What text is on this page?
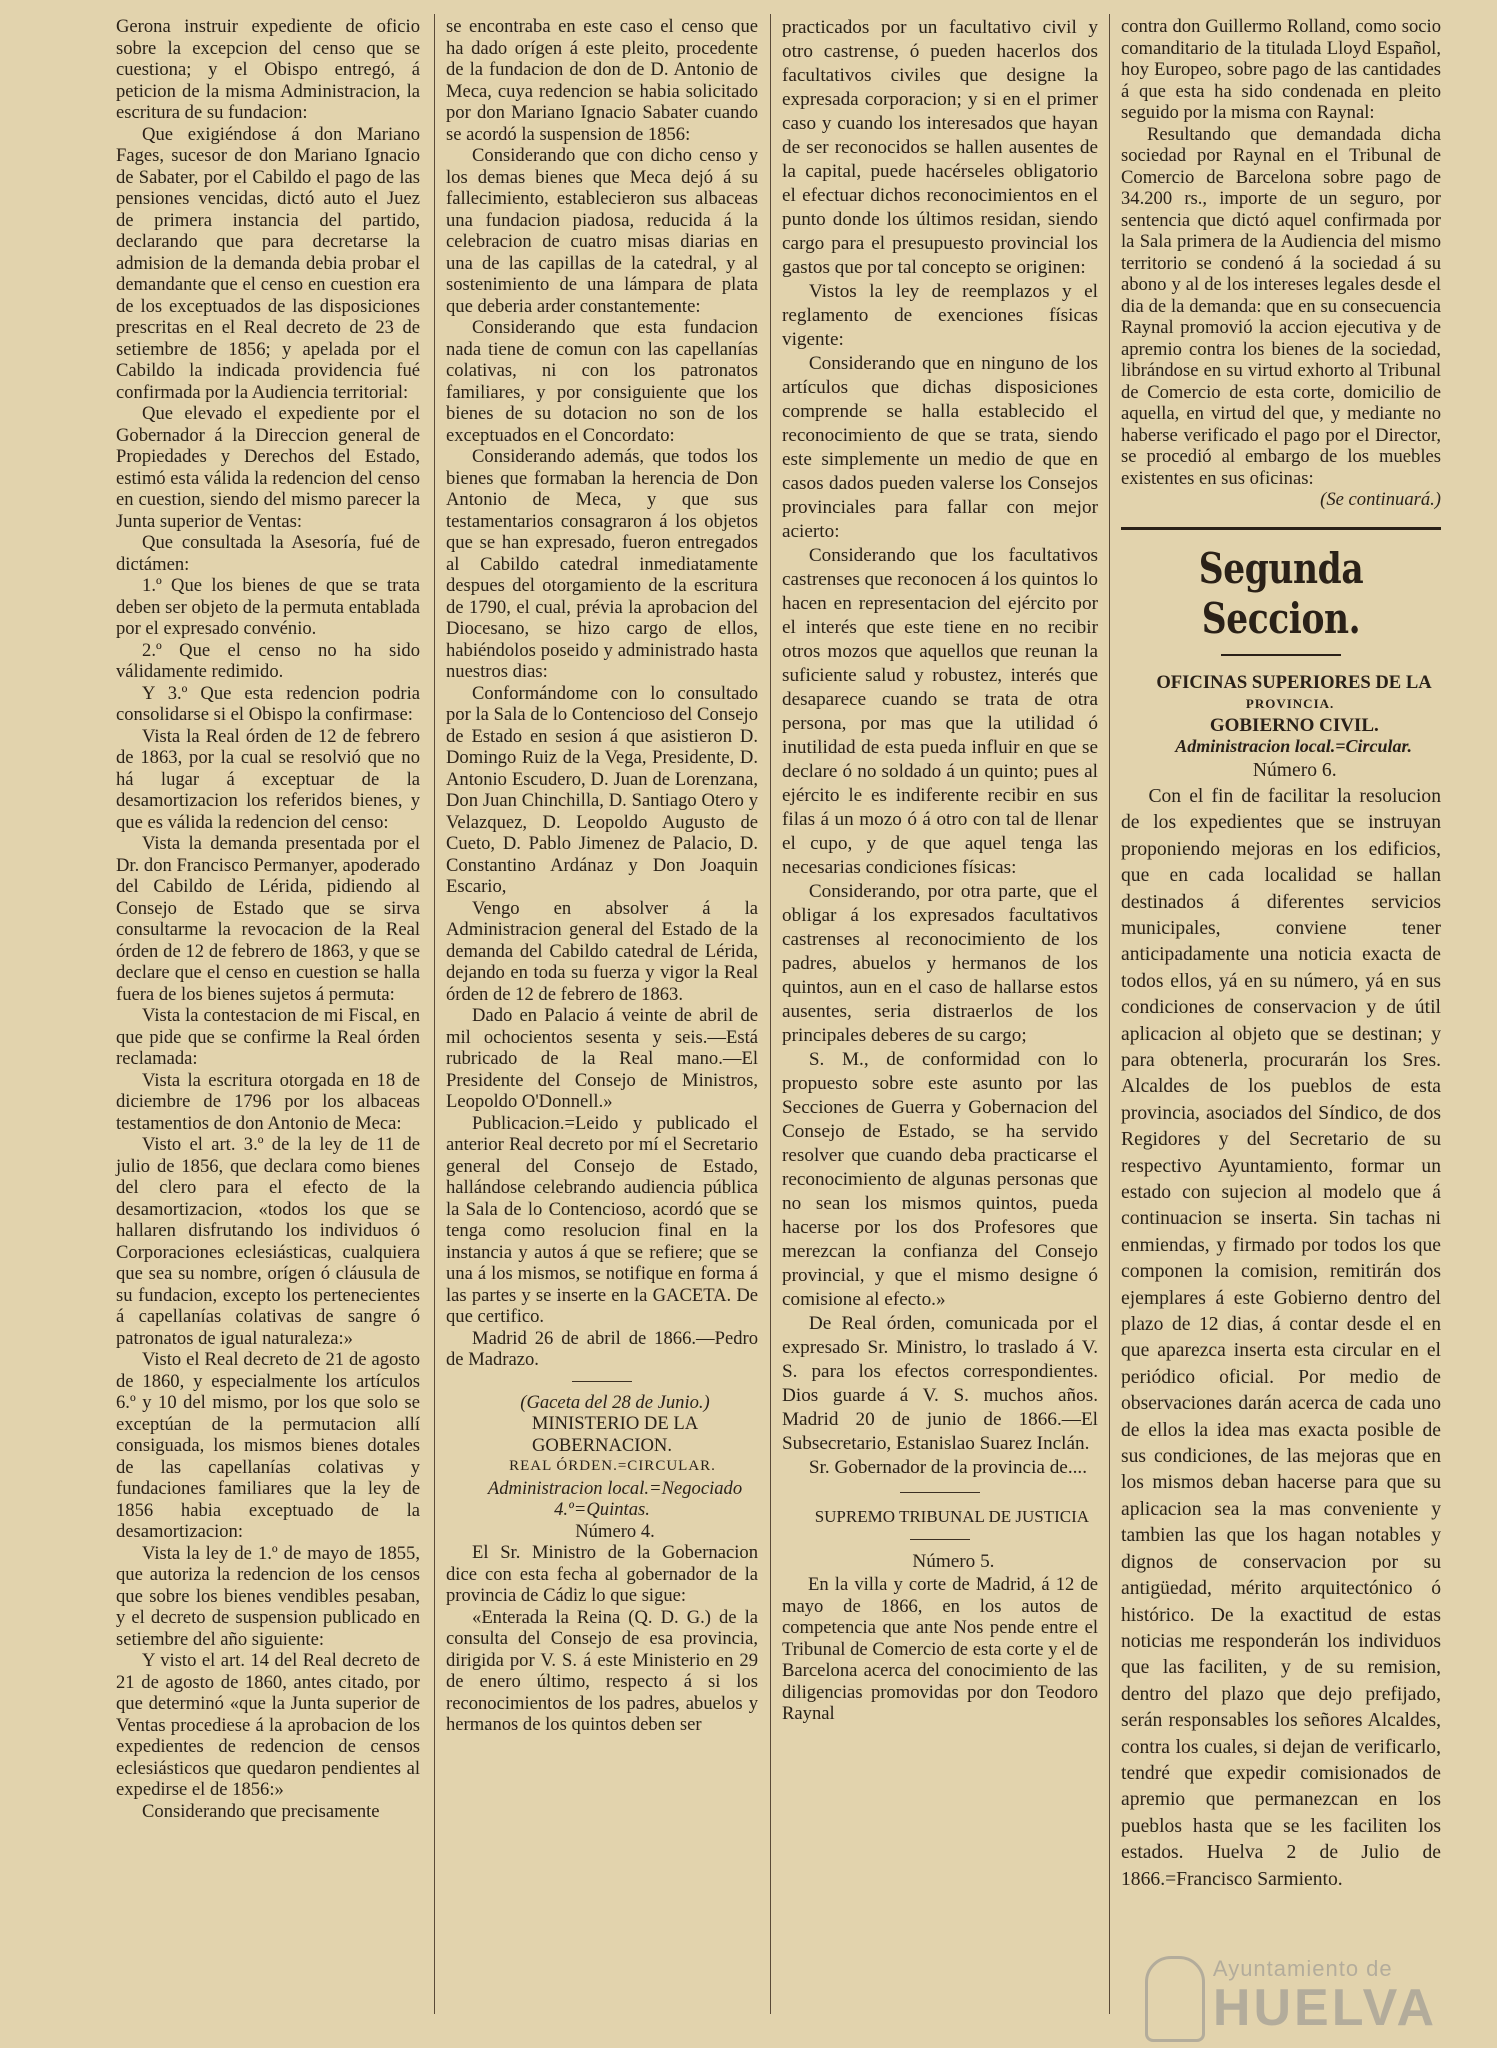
Gerona instruir expediente de oficio sobre la excepcion del censo que se cuestiona; y el Obispo entregó, á peticion de la misma Administracion, la escritura de su fundacion:

Que exigiéndose á don Mariano Fages, sucesor de don Mariano Ignacio de Sabater, por el Cabildo el pago de las pensiones vencidas, dictó auto el Juez de primera instancia del partido, declarando que para decretarse la admision de la demanda debia probar el demandante que el censo en cuestion era de los exceptuados de las disposiciones prescritas en el Real decreto de 23 de setiembre de 1856; y apelada por el Cabildo la indicada providencia fué confirmada por la Audiencia territorial:

Que elevado el expediente por el Gobernador á la Direccion general de Propiedades y Derechos del Estado, estimó esta válida la redencion del censo en cuestion, siendo del mismo parecer la Junta superior de Ventas:

Que consultada la Asesoría, fué de dictámen:

1.º Que los bienes de que se trata deben ser objeto de la permuta entablada por el expresado convénio.

2.º Que el censo no ha sido válidamente redimido.

Y 3.º Que esta redencion podria consolidarse si el Obispo la confirmase:

Vista la Real órden de 12 de febrero de 1863, por la cual se resolvió que no há lugar á exceptuar de la desamortizacion los referidos bienes, y que es válida la redencion del censo:

Vista la demanda presentada por el Dr. don Francisco Permanyer, apoderado del Cabildo de Lérida, pidiendo al Consejo de Estado que se sirva consultarme la revocacion de la Real órden de 12 de febrero de 1863, y que se declare que el censo en cuestion se halla fuera de los bienes sujetos á permuta:

Vista la contestacion de mi Fiscal, en que pide que se confirme la Real órden reclamada:

Vista la escritura otorgada en 18 de diciembre de 1796 por los albaceas testamentios de don Antonio de Meca:

Visto el art. 3.º de la ley de 11 de julio de 1856, que declara como bienes del clero para el efecto de la desamortizacion, «todos los que se hallaren disfrutando los individuos ó Corporaciones eclesiásticas, cualquiera que sea su nombre, orígen ó cláusula de su fundacion, excepto los pertenecientes á capellanías colativas de sangre ó patronatos de igual naturaleza:»

Visto el Real decreto de 21 de agosto de 1860, y especialmente los artículos 6.º y 10 del mismo, por los que solo se exceptúan de la permutacion allí consiguada, los mismos bienes dotales de las capellanías colativas y fundaciones familiares que la ley de 1856 habia exceptuado de la desamortizacion:

Vista la ley de 1.º de mayo de 1855, que autoriza la redencion de los censos que sobre los bienes vendibles pesaban, y el decreto de suspension publicado en setiembre del año siguiente:

Y visto el art. 14 del Real decreto de 21 de agosto de 1860, antes citado, por que determinó «que la Junta superior de Ventas procediese á la aprobacion de los expedientes de redencion de censos eclesiásticos que quedaron pendientes al expedirse el de 1856:»

Considerando que precisamente

se encontraba en este caso el censo que ha dado orígen á este pleito, procedente de la fundacion de don de D. Antonio de Meca, cuya redencion se habia solicitado por don Mariano Ignacio Sabater cuando se acordó la suspension de 1856:

Considerando que con dicho censo y los demas bienes que Meca dejó á su fallecimiento, establecieron sus albaceas una fundacion piadosa, reducida á la celebracion de cuatro misas diarias en una de las capillas de la catedral, y al sostenimiento de una lámpara de plata que deberia arder constantemente:

Considerando que esta fundacion nada tiene de comun con las capellanías colativas, ni con los patronatos familiares, y por consiguiente que los bienes de su dotacion no son de los exceptuados en el Concordato:

Considerando además, que todos los bienes que formaban la herencia de Don Antonio de Meca, y que sus testamentarios consagraron á los objetos que se han expresado, fueron entregados al Cabildo catedral inmediatamente despues del otorgamiento de la escritura de 1790, el cual, prévia la aprobacion del Diocesano, se hizo cargo de ellos, habiéndolos poseido y administrado hasta nuestros dias:

Conformándome con lo consultado por la Sala de lo Contencioso del Consejo de Estado en sesion á que asistieron D. Domingo Ruiz de la Vega, Presidente, D. Antonio Escudero, D. Juan de Lorenzana, Don Juan Chinchilla, D. Santiago Otero y Velazquez, D. Leopoldo Augusto de Cueto, D. Pablo Jimenez de Palacio, D. Constantino Ardánaz y Don Joaquin Escario,

Vengo en absolver á la Administracion general del Estado de la demanda del Cabildo catedral de Lérida, dejando en toda su fuerza y vigor la Real órden de 12 de febrero de 1863.

Dado en Palacio á veinte de abril de mil ochocientos sesenta y seis.—Está rubricado de la Real mano.—El Presidente del Consejo de Ministros, Leopoldo O'Donnell.»

Publicacion.=Leido y publicado el anterior Real decreto por mí el Secretario general del Consejo de Estado, hallándose celebrando audiencia pública la Sala de lo Contencioso, acordó que se tenga como resolucion final en la instancia y autos á que se refiere; que se una á los mismos, se notifique en forma á las partes y se inserte en la GACETA. De que certifico.

Madrid 26 de abril de 1866.—Pedro de Madrazo.

(Gaceta del 28 de Junio.)

MINISTERIO DE LA GOBERNACION.

REAL ÓRDEN.=CIRCULAR.

Administracion local.=Negociado 4.º=Quintas.

Número 4.

El Sr. Ministro de la Gobernacion dice con esta fecha al gobernador de la provincia de Cádiz lo que sigue:

«Enterada la Reina (Q. D. G.) de la consulta del Consejo de esa provincia, dirigida por V. S. á este Ministerio en 29 de enero último, respecto á si los reconocimientos de los padres, abuelos y hermanos de los quintos deben ser

practicados por un facultativo civil y otro castrense, ó pueden hacerlos dos facultativos civiles que designe la expresada corporacion; y si en el primer caso y cuando los interesados que hayan de ser reconocidos se hallen ausentes de la capital, puede hacérseles obligatorio el efectuar dichos reconocimientos en el punto donde los últimos residan, siendo cargo para el presupuesto provincial los gastos que por tal concepto se originen:

Vistos la ley de reemplazos y el reglamento de exenciones físicas vigente:

Considerando que en ninguno de los artículos que dichas disposiciones comprende se halla establecido el reconocimiento de que se trata, siendo este simplemente un medio de que en casos dados pueden valerse los Consejos provinciales para fallar con mejor acierto:

Considerando que los facultativos castrenses que reconocen á los quintos lo hacen en representacion del ejército por el interés que este tiene en no recibir otros mozos que aquellos que reunan la suficiente salud y robustez, interés que desaparece cuando se trata de otra persona, por mas que la utilidad ó inutilidad de esta pueda influir en que se declare ó no soldado á un quinto; pues al ejército le es indiferente recibir en sus filas á un mozo ó á otro con tal de llenar el cupo, y de que aquel tenga las necesarias condiciones físicas:

Considerando, por otra parte, que el obligar á los expresados facultativos castrenses al reconocimiento de los padres, abuelos y hermanos de los quintos, aun en el caso de hallarse estos ausentes, seria distraerlos de los principales deberes de su cargo;

S. M., de conformidad con lo propuesto sobre este asunto por las Secciones de Guerra y Gobernacion del Consejo de Estado, se ha servido resolver que cuando deba practicarse el reconocimiento de algunas personas que no sean los mismos quintos, pueda hacerse por los dos Profesores que merezcan la confianza del Consejo provincial, y que el mismo designe ó comisione al efecto.»

De Real órden, comunicada por el expresado Sr. Ministro, lo traslado á V. S. para los efectos correspondientes. Dios guarde á V. S. muchos años. Madrid 20 de junio de 1866.—El Subsecretario, Estanislao Suarez Inclán.

Sr. Gobernador de la provincia de....

SUPREMO TRIBUNAL DE JUSTICIA

Número 5.

En la villa y corte de Madrid, á 12 de mayo de 1866, en los autos de competencia que ante Nos pende entre el Tribunal de Comercio de esta corte y el de Barcelona acerca del conocimiento de las diligencias promovidas por don Teodoro Raynal

contra don Guillermo Rolland, como socio comanditario de la titulada Lloyd Español, hoy Europeo, sobre pago de las cantidades á que esta ha sido condenada en pleito seguido por la misma con Raynal:

Resultando que demandada dicha sociedad por Raynal en el Tribunal de Comercio de Barcelona sobre pago de 34.200 rs., importe de un seguro, por sentencia que dictó aquel confirmada por la Sala primera de la Audiencia del mismo territorio se condenó á la sociedad á su abono y al de los intereses legales desde el dia de la demanda: que en su consecuencia Raynal promovió la accion ejecutiva y de apremio contra los bienes de la sociedad, librándose en su virtud exhorto al Tribunal de Comercio de esta corte, domicilio de aquella, en virtud del que, y mediante no haberse verificado el pago por el Director, se procedió al embargo de los muebles existentes en sus oficinas:

(Se continuará.)

Segunda Seccion.

OFICINAS SUPERIORES DE LA

PROVINCIA.

GOBIERNO CIVIL.

Administracion local.=Circular.

Número 6.

Con el fin de facilitar la resolucion de los expedientes que se instruyan proponiendo mejoras en los edificios, que en cada localidad se hallan destinados á diferentes servicios municipales, conviene tener anticipadamente una noticia exacta de todos ellos, yá en su número, yá en sus condiciones de conservacion y de útil aplicacion al objeto que se destinan; y para obtenerla, procurarán los Sres. Alcaldes de los pueblos de esta provincia, asociados del Síndico, de dos Regidores y del Secretario de su respectivo Ayuntamiento, formar un estado con sujecion al modelo que á continuacion se inserta. Sin tachas ni enmiendas, y firmado por todos los que componen la comision, remitirán dos ejemplares á este Gobierno dentro del plazo de 12 dias, á contar desde el en que aparezca inserta esta circular en el periódico oficial. Por medio de observaciones darán acerca de cada uno de ellos la idea mas exacta posible de sus condiciones, de las mejoras que en los mismos deban hacerse para que su aplicacion sea la mas conveniente y tambien las que los hagan notables y dignos de conservacion por su antigüedad, mérito arquitectónico ó histórico. De la exactitud de estas noticias me responderán los individuos que las faciliten, y de su remision, dentro del plazo que dejo prefijado, serán responsables los señores Alcaldes, contra los cuales, si dejan de verificarlo, tendré que expedir comisionados de apremio que permanezcan en los pueblos hasta que se les faciliten los estados. Huelva 2 de Julio de 1866.=Francisco Sarmiento.

Ayuntamiento de
HUELVA
